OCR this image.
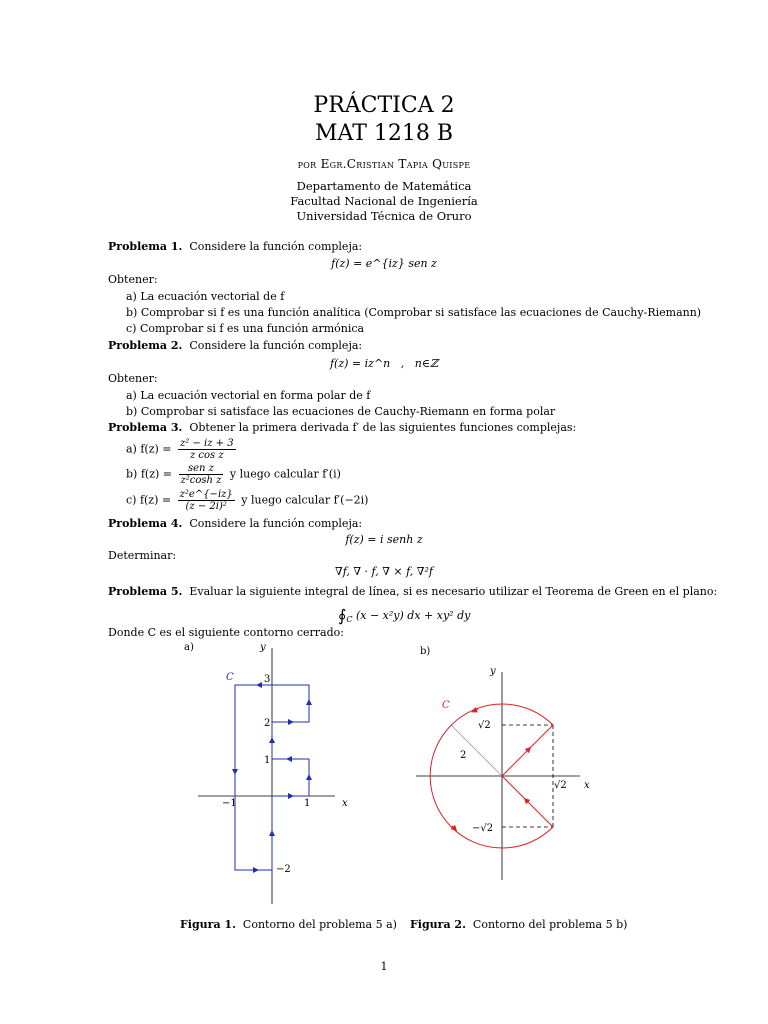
PRÁCTICA 2
MAT 1218 B
por Egr.Cristian Tapia Quispe
Departamento de Matemática
Facultad Nacional de Ingeniería
Universidad Técnica de Oruro
Problema 1. Considere la función compleja:
f(z) = e^{iz} sen z
Obtener:
a) La ecuación vectorial de f
b) Comprobar si f es una función analítica (Comprobar si satisface las ecuaciones de Cauchy-Riemann)
c) Comprobar si f es una función armónica
Problema 2. Considere la función compleja:
f(z) = iz^n   ,   n∈ℤ
Obtener:
a) La ecuación vectorial en forma polar de f
b) Comprobar si satisface las ecuaciones de Cauchy-Riemann en forma polar
Problema 3. Obtener la primera derivada f′ de las siguientes funciones complejas:
a) $f(z) = \frac{\text{z² − iz + 3}}{\text{z cos z}}$
b) $f(z) = \frac{\text{sen z}}{\text{z²cosh z}}$ y luego calcular f′(i)
c) $f(z) = \frac{\text{z²e\textasciicircum{}\{−iz\}}}{\text{(z − 2i)²}}$ y luego calcular f′(−2i)
Problema 4. Considere la función compleja:
f(z) = i senh z
Determinar:
∇f, ∇ · f, ∇ × f, ∇²f
Problema 5. Evaluar la siguiente integral de línea, si es necesario utilizar el Teorema de Green en el plano:
$∮_C$ (x − x²y) dx + xy² dy
Donde C es el siguiente contorno cerrado:
a)
x
y
−1	1
1
2
3
−2
C
b)
x
y
2
√2
−√2
√2
C
Figura 1. Contorno del problema 5 a) Figura 2. Contorno del problema 5 b)
1
